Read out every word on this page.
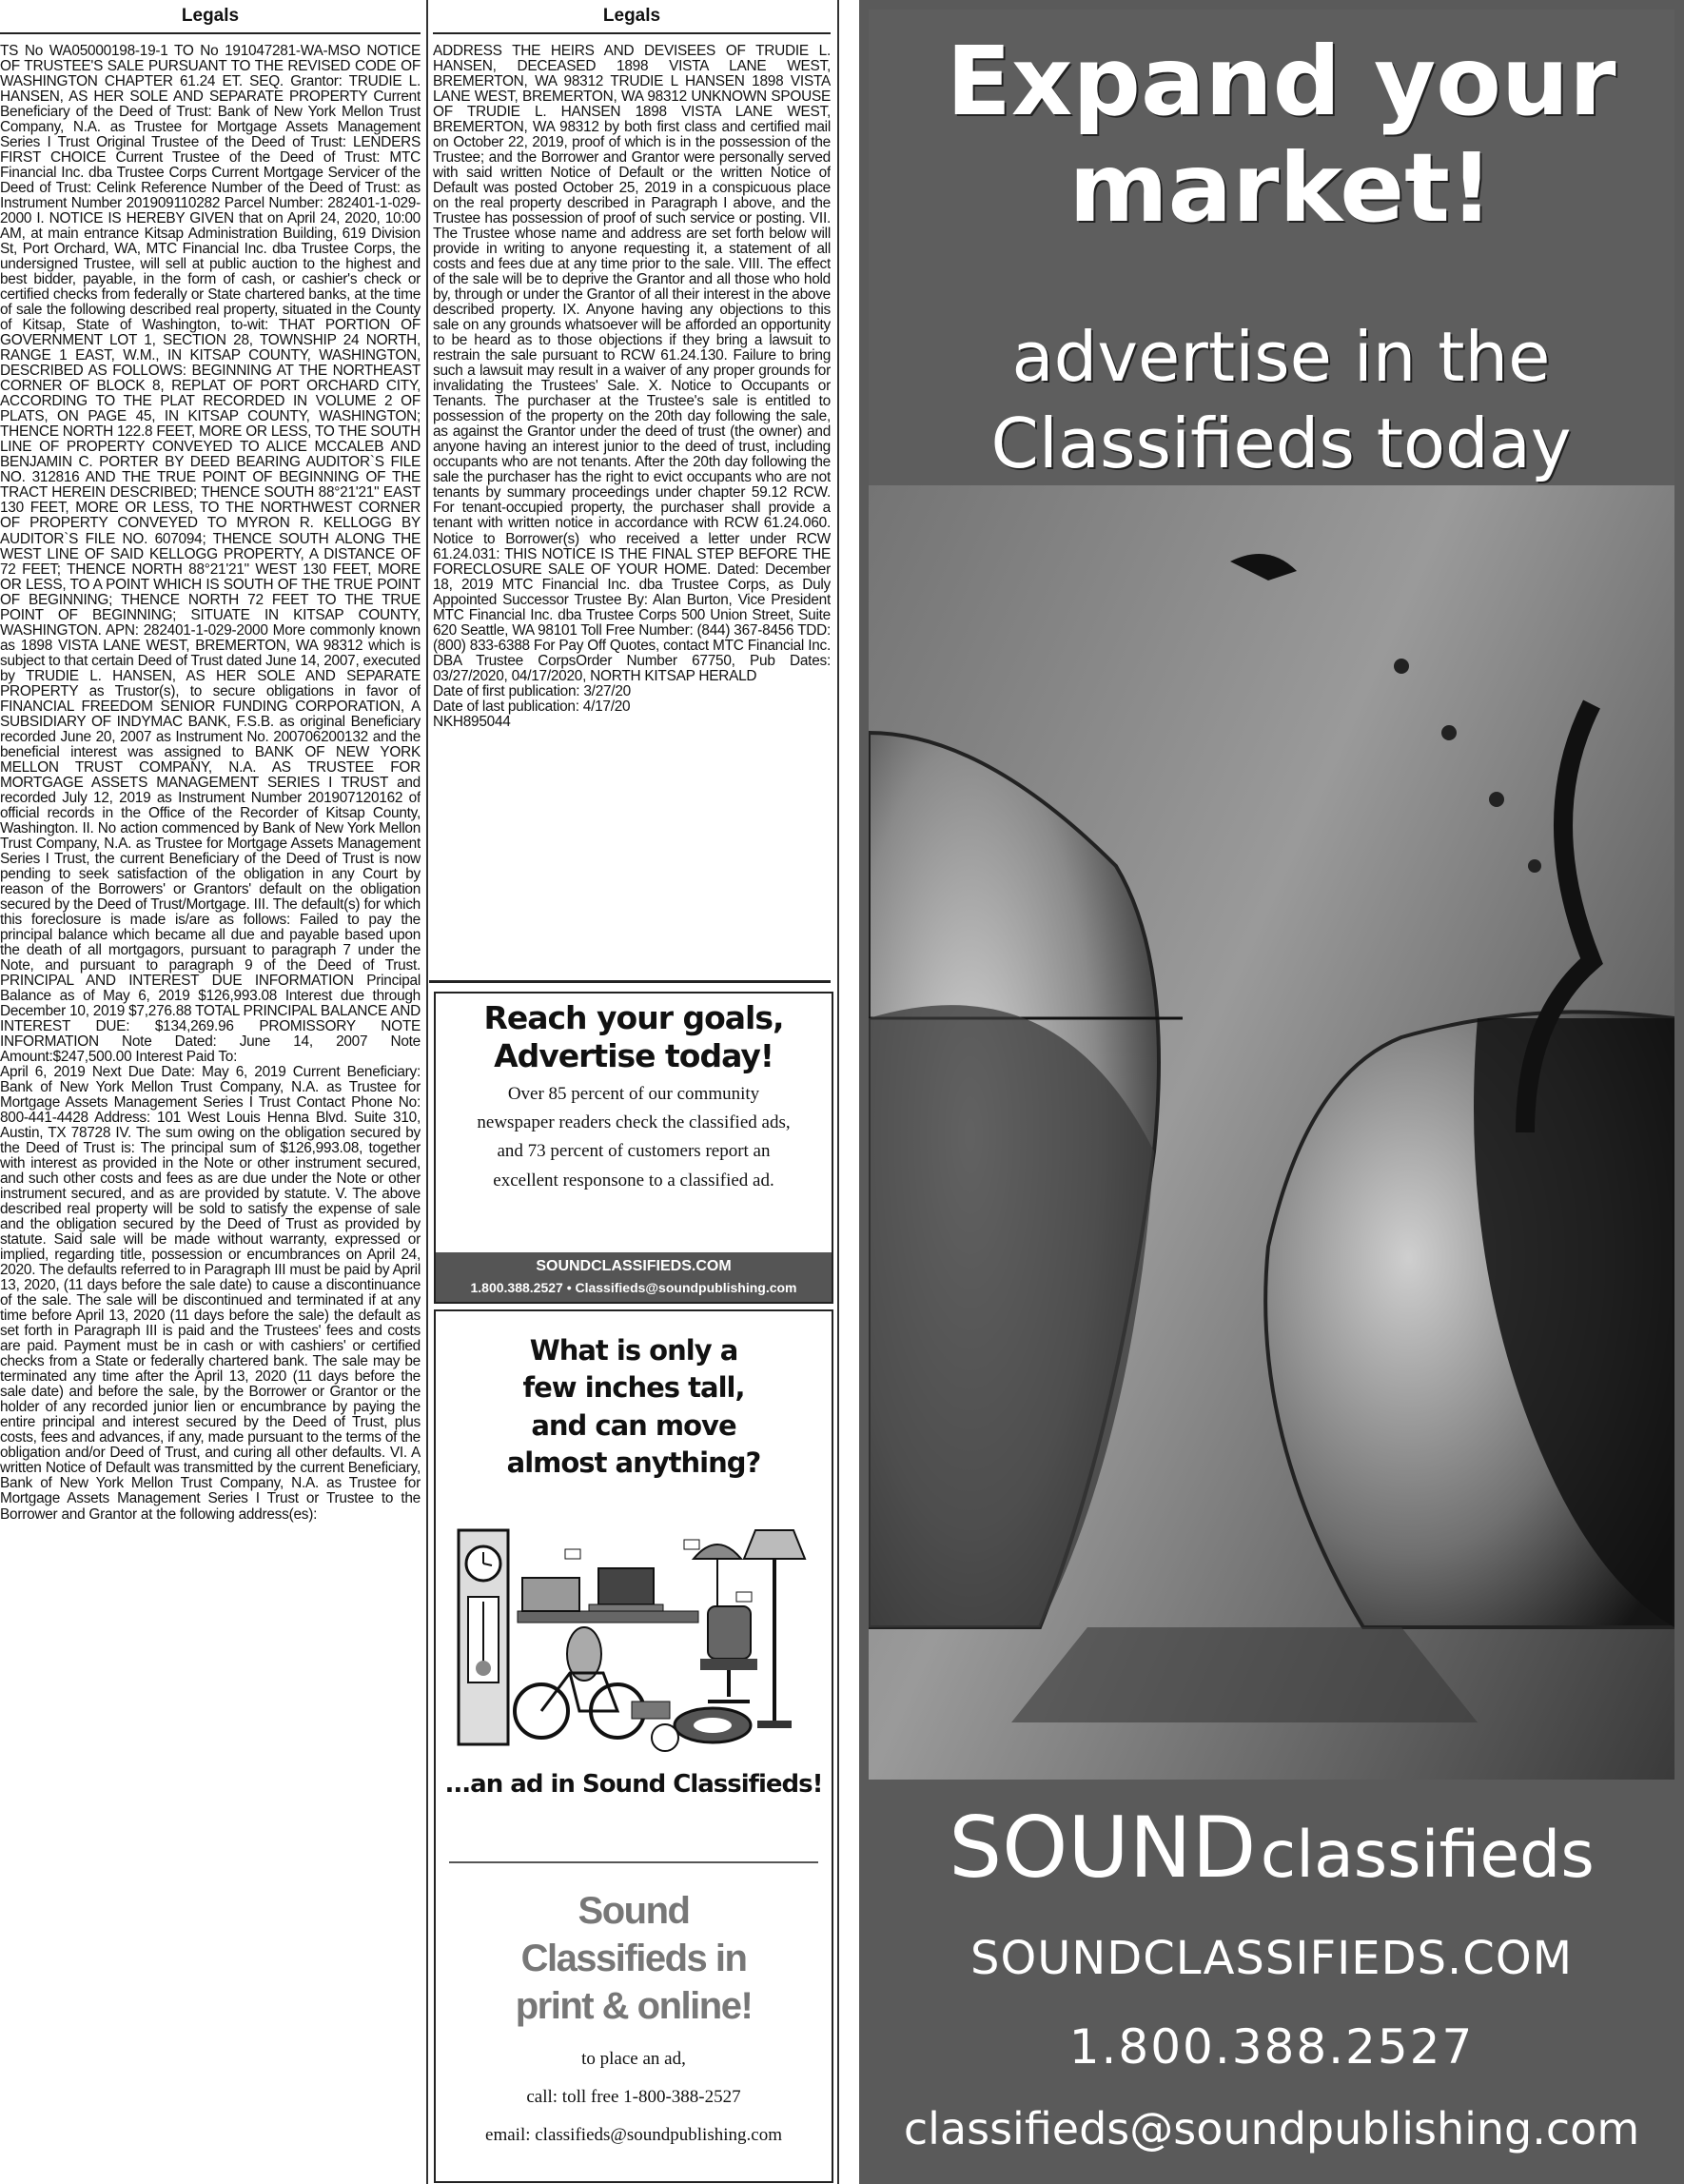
Legals
TS No WA05000198-19-1 TO No 191047281-WA-MSO NOTICE OF TRUSTEE'S SALE PURSUANT TO THE REVISED CODE OF WASHINGTON CHAPTER 61.24 ET. SEQ. Grantor: TRUDIE L. HANSEN, AS HER SOLE AND SEPARATE PROPERTY Current Beneficiary of the Deed of Trust: Bank of New York Mellon Trust Company, N.A. as Trustee for Mortgage Assets Management Series I Trust Original Trustee of the Deed of Trust: LENDERS FIRST CHOICE Current Trustee of the Deed of Trust: MTC Financial Inc. dba Trustee Corps Current Mortgage Servicer of the Deed of Trust: Celink Reference Number of the Deed of Trust: as Instrument Number 201909110282 Parcel Number: 282401-1-029-2000 I. NOTICE IS HEREBY GIVEN that on April 24, 2020, 10:00 AM, at main entrance Kitsap Administration Building, 619 Division St, Port Orchard, WA, MTC Financial Inc. dba Trustee Corps, the undersigned Trustee, will sell at public auction to the highest and best bidder, payable, in the form of cash, or cashier's check or certified checks from federally or State chartered banks, at the time of sale the following described real property, situated in the County of Kitsap, State of Washington, to-wit: THAT PORTION OF GOVERNMENT LOT 1, SECTION 28, TOWNSHIP 24 NORTH, RANGE 1 EAST, W.M., IN KITSAP COUNTY, WASHINGTON, DESCRIBED AS FOLLOWS: BEGINNING AT THE NORTHEAST CORNER OF BLOCK 8, REPLAT OF PORT ORCHARD CITY, ACCORDING TO THE PLAT RECORDED IN VOLUME 2 OF PLATS, ON PAGE 45, IN KITSAP COUNTY, WASHINGTON; THENCE NORTH 122.8 FEET, MORE OR LESS, TO THE SOUTH LINE OF PROPERTY CONVEYED TO ALICE MCCALEB AND BENJAMIN C. PORTER BY DEED BEARING AUDITOR`S FILE NO. 312816 AND THE TRUE POINT OF BEGINNING OF THE TRACT HEREIN DESCRIBED; THENCE SOUTH 88°21'21" EAST 130 FEET, MORE OR LESS, TO THE NORTHWEST CORNER OF PROPERTY CONVEYED TO MYRON R. KELLOGG BY AUDITOR`S FILE NO. 607094; THENCE SOUTH ALONG THE WEST LINE OF SAID KELLOGG PROPERTY, A DISTANCE OF 72 FEET; THENCE NORTH 88°21'21" WEST 130 FEET, MORE OR LESS, TO A POINT WHICH IS SOUTH OF THE TRUE POINT OF BEGINNING; THENCE NORTH 72 FEET TO THE TRUE POINT OF BEGINNING; SITUATE IN KITSAP COUNTY, WASHINGTON. APN: 282401-1-029-2000 More commonly known as 1898 VISTA LANE WEST, BREMERTON, WA 98312 which is subject to that certain Deed of Trust dated June 14, 2007, executed by TRUDIE L. HANSEN, AS HER SOLE AND SEPARATE PROPERTY as Trustor(s), to secure obligations in favor of FINANCIAL FREEDOM SENIOR FUNDING CORPORATION, A SUBSIDIARY OF INDYMAC BANK, F.S.B. as original Beneficiary recorded June 20, 2007 as Instrument No. 200706200132 and the beneficial interest was assigned to BANK OF NEW YORK MELLON TRUST COMPANY, N.A. AS TRUSTEE FOR MORTGAGE ASSETS MANAGEMENT SERIES I TRUST and recorded July 12, 2019 as Instrument Number 201907120162 of official records in the Office of the Recorder of Kitsap County, Washington. II. No action commenced by Bank of New York Mellon Trust Company, N.A. as Trustee for Mortgage Assets Management Series I Trust, the current Beneficiary of the Deed of Trust is now pending to seek satisfaction of the obligation in any Court by reason of the Borrowers' or Grantors' default on the obligation secured by the Deed of Trust/Mortgage. III. The default(s) for which this foreclosure is made is/are as follows: Failed to pay the principal balance which became all due and payable based upon the death of all mortgagors, pursuant to paragraph 7 under the Note, and pursuant to paragraph 9 of the Deed of Trust. PRINCIPAL AND INTEREST DUE INFORMATION Principal Balance as of May 6, 2019 $126,993.08 Interest due through December 10, 2019 $7,276.88 TOTAL PRINCIPAL BALANCE AND INTEREST DUE: $134,269.96 PROMISSORY NOTE INFORMATION Note Dated: June 14, 2007 Note Amount:$247,500.00 Interest Paid To:
April 6, 2019 Next Due Date: May 6, 2019 Current Beneficiary: Bank of New York Mellon Trust Company, N.A. as Trustee for Mortgage Assets Management Series I Trust Contact Phone No: 800-441-4428 Address: 101 West Louis Henna Blvd. Suite 310, Austin, TX 78728 IV. The sum owing on the obligation secured by the Deed of Trust is: The principal sum of $126,993.08, together with interest as provided in the Note or other instrument secured, and such other costs and fees as are due under the Note or other instrument secured, and as are provided by statute. V. The above described real property will be sold to satisfy the expense of sale and the obligation secured by the Deed of Trust as provided by statute. Said sale will be made without warranty, expressed or implied, regarding title, possession or encumbrances on April 24, 2020. The defaults referred to in Paragraph III must be paid by April 13, 2020, (11 days before the sale date) to cause a discontinuance of the sale. The sale will be discontinued and terminated if at any time before April 13, 2020 (11 days before the sale) the default as set forth in Paragraph III is paid and the Trustees' fees and costs are paid. Payment must be in cash or with cashiers' or certified checks from a State or federally chartered bank. The sale may be terminated any time after the April 13, 2020 (11 days before the sale date) and before the sale, by the Borrower or Grantor or the holder of any recorded junior lien or encumbrance by paying the entire principal and interest secured by the Deed of Trust, plus costs, fees and advances, if any, made pursuant to the terms of the obligation and/or Deed of Trust, and curing all other defaults. VI. A written Notice of Default was transmitted by the current Beneficiary, Bank of New York Mellon Trust Company, N.A. as Trustee for Mortgage Assets Management Series I Trust or Trustee to the Borrower and Grantor at the following address(es):
Legals
ADDRESS THE HEIRS AND DEVISEES OF TRUDIE L. HANSEN, DECEASED 1898 VISTA LANE WEST, BREMERTON, WA 98312 TRUDIE L HANSEN 1898 VISTA LANE WEST, BREMERTON, WA 98312 UNKNOWN SPOUSE OF TRUDIE L. HANSEN 1898 VISTA LANE WEST, BREMERTON, WA 98312 by both first class and certified mail on October 22, 2019, proof of which is in the possession of the Trustee; and the Borrower and Grantor were personally served with said written Notice of Default or the written Notice of Default was posted October 25, 2019 in a conspicuous place on the real property described in Paragraph I above, and the Trustee has possession of proof of such service or posting. VII. The Trustee whose name and address are set forth below will provide in writing to anyone requesting it, a statement of all costs and fees due at any time prior to the sale. VIII. The effect of the sale will be to deprive the Grantor and all those who hold by, through or under the Grantor of all their interest in the above described property. IX. Anyone having any objections to this sale on any grounds whatsoever will be afforded an opportunity to be heard as to those objections if they bring a lawsuit to restrain the sale pursuant to RCW 61.24.130. Failure to bring such a lawsuit may result in a waiver of any proper grounds for invalidating the Trustees' Sale. X. Notice to Occupants or Tenants. The purchaser at the Trustee's sale is entitled to possession of the property on the 20th day following the sale, as against the Grantor under the deed of trust (the owner) and anyone having an interest junior to the deed of trust, including occupants who are not tenants. After the 20th day following the sale the purchaser has the right to evict occupants who are not tenants by summary proceedings under chapter 59.12 RCW. For tenant-occupied property, the purchaser shall provide a tenant with written notice in accordance with RCW 61.24.060. Notice to Borrower(s) who received a letter under RCW 61.24.031: THIS NOTICE IS THE FINAL STEP BEFORE THE FORECLOSURE SALE OF YOUR HOME. Dated: December 18, 2019 MTC Financial Inc. dba Trustee Corps, as Duly Appointed Successor Trustee By: Alan Burton, Vice President MTC Financial Inc. dba Trustee Corps 500 Union Street, Suite 620 Seattle, WA 98101 Toll Free Number: (844) 367-8456 TDD: (800) 833-6388 For Pay Off Quotes, contact MTC Financial Inc. DBA Trustee CorpsOrder Number 67750, Pub Dates: 03/27/2020, 04/17/2020, NORTH KITSAP HERALD
Date of first publication: 3/27/20
Date of last publication: 4/17/20
NKH895044
Reach your goals, Advertise today!
Over 85 percent of our community newspaper readers check the classified ads, and 73 percent of customers report an excellent responsone to a classified ad.
SOUNDCLASSIFIEDS.COM
1.800.388.2527 • Classifieds@soundpublishing.com
What is only a few inches tall, and can move almost anything?
...an ad in Sound Classifieds!
Sound Classifieds in print & online!
to place an ad,
call: toll free 1-800-388-2527
email: classifieds@soundpublishing.com
Expand your market!
advertise in the Classifieds today
SOUND classifieds
SOUNDCLASSIFIEDS.COM
1.800.388.2527
classifieds@soundpublishing.com
